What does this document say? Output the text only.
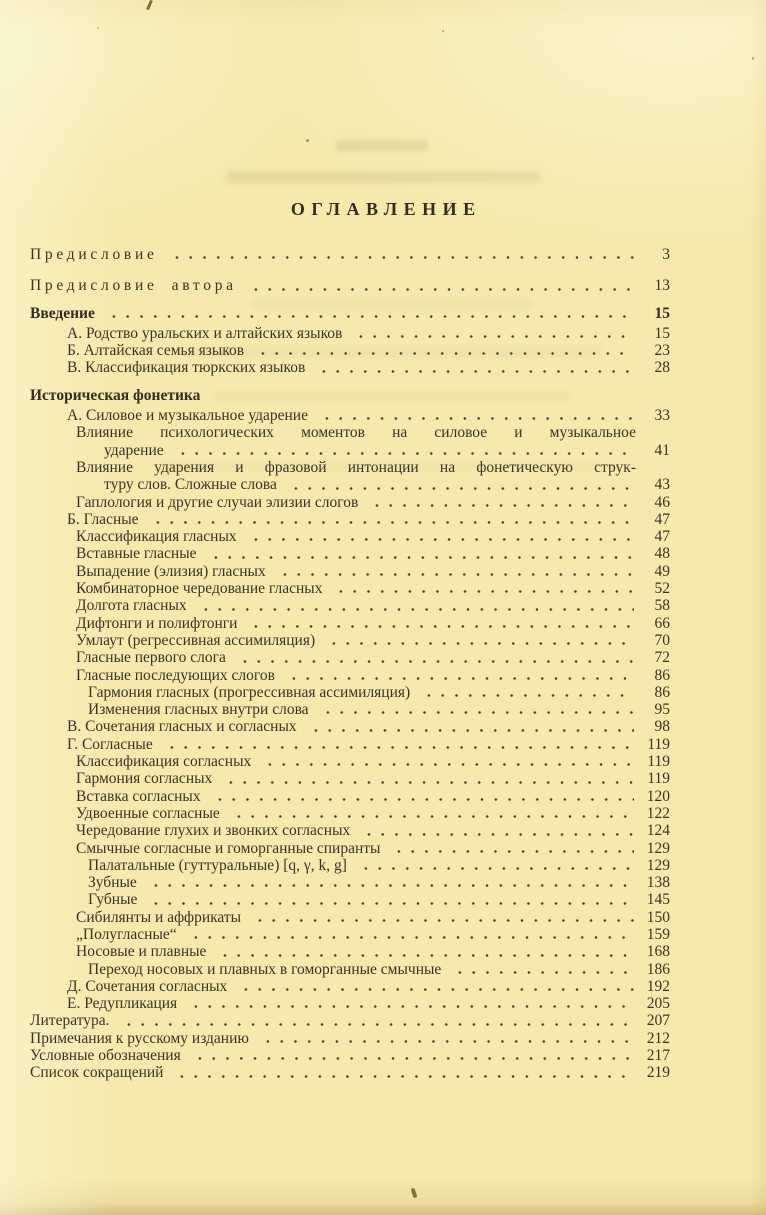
ОГЛАВЛЕНИЕ
Предисловие	3
Предисловие автора	13
Введение	15
А. Родство уральских и алтайских языков	15
Б. Алтайская семья языков	23
В. Классификация тюркских языков	28
Историческая фонетика
А. Силовое и музыкальное ударение	33
Влияние психологических моментов на силовое и музыкальное
ударение	41
Влияние ударения и фразовой интонации на фонетическую струк-
туру слов. Сложные слова	43
Гаплология и другие случаи элизии слогов	46
Б. Гласные	47
Классификация гласных	47
Вставные гласные	48
Выпадение (элизия) гласных	49
Комбинаторное чередование гласных	52
Долгота гласных	58
Дифтонги и полифтонги	66
Умлаут (регрессивная ассимиляция)	70
Гласные первого слога	72
Гласные последующих слогов	86
Гармония гласных (прогрессивная ассимиляция)	86
Изменения гласных внутри слова	95
В. Сочетания гласных и согласных	98
Г. Согласные	119
Классификация согласных	119
Гармония согласных	119
Вставка согласных	120
Удвоенные согласные	122
Чередование глухих и звонких согласных	124
Смычные согласные и гоморганные спиранты	129
Палатальные (гуттуральные) [q, γ, k, g]	129
Зубные	138
Губные	145
Сибилянты и аффрикаты	150
„Полугласные“	159
Носовые и плавные	168
Переход носовых и плавных в гоморганные смычные	186
Д. Сочетания согласных	192
Е. Редупликация	205
Литература.	207
Примечания к русскому изданию	212
Условные обозначения	217
Список сокращений	219
